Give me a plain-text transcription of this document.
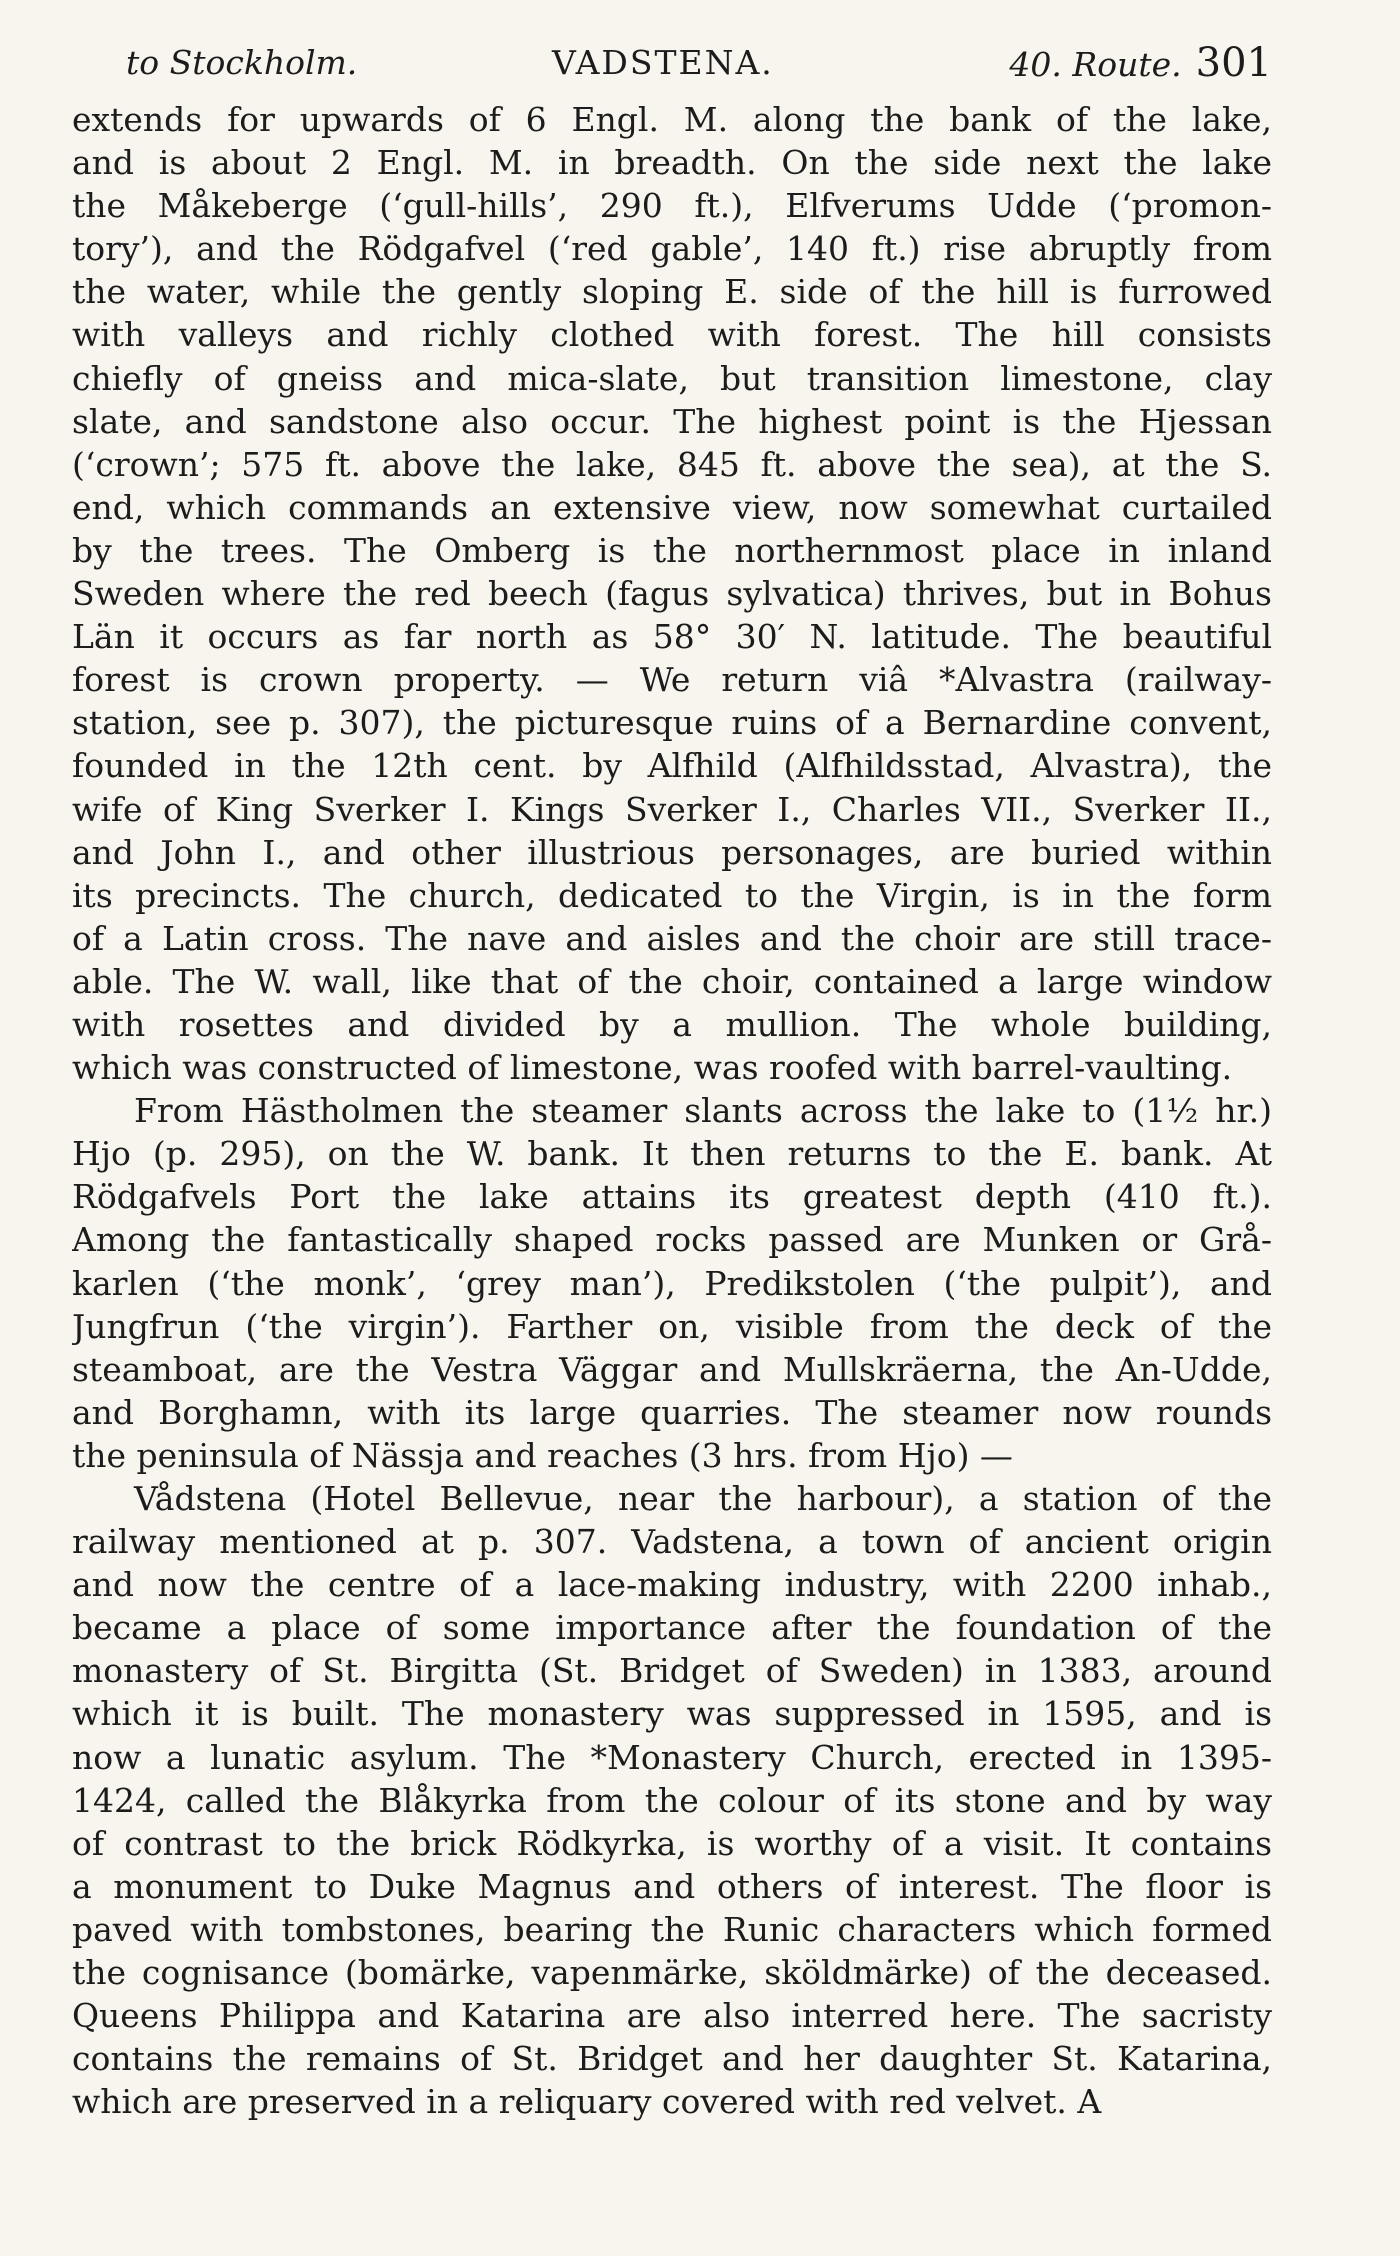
to Stockholm.	VADSTENA.	40. Route. 301
extends for upwards of 6 Engl. M. along the bank of the lake,
and is about 2 Engl. M. in breadth. On the side next the lake
the Måkeberge (‘gull-hills’, 290 ft.), Elfverums Udde (‘promon-
tory’), and the Rödgafvel (‘red gable’, 140 ft.) rise abruptly from
the water, while the gently sloping E. side of the hill is furrowed
with valleys and richly clothed with forest. The hill consists
chiefly of gneiss and mica-slate, but transition limestone, clay
slate, and sandstone also occur. The highest point is the Hjessan
(‘crown’; 575 ft. above the lake, 845 ft. above the sea), at the S.
end, which commands an extensive view, now somewhat curtailed
by the trees. The Omberg is the northernmost place in inland
Sweden where the red beech (fagus sylvatica) thrives, but in Bohus
Län it occurs as far north as 58° 30′ N. latitude. The beautiful
forest is crown property. — We return viâ *Alvastra (railway-
station, see p. 307), the picturesque ruins of a Bernardine convent,
founded in the 12th cent. by Alfhild (Alfhildsstad, Alvastra), the
wife of King Sverker I. Kings Sverker I., Charles VII., Sverker II.,
and John I., and other illustrious personages, are buried within
its precincts. The church, dedicated to the Virgin, is in the form
of a Latin cross. The nave and aisles and the choir are still trace-
able. The W. wall, like that of the choir, contained a large window
with rosettes and divided by a mullion. The whole building,
which was constructed of limestone, was roofed with barrel-vaulting.
From Hästholmen the steamer slants across the lake to (1½ hr.)
Hjo (p. 295), on the W. bank. It then returns to the E. bank. At
Rödgafvels Port the lake attains its greatest depth (410 ft.).
Among the fantastically shaped rocks passed are Munken or Grå-
karlen (‘the monk’, ‘grey man’), Predikstolen (‘the pulpit’), and
Jungfrun (‘the virgin’). Farther on, visible from the deck of the
steamboat, are the Vestra Väggar and Mullskräerna, the An-Udde,
and Borghamn, with its large quarries. The steamer now rounds
the peninsula of Nässja and reaches (3 hrs. from Hjo) —
Vådstena (Hotel Bellevue, near the harbour), a station of the
railway mentioned at p. 307. Vadstena, a town of ancient origin
and now the centre of a lace-making industry, with 2200 inhab.,
became a place of some importance after the foundation of the
monastery of St. Birgitta (St. Bridget of Sweden) in 1383, around
which it is built. The monastery was suppressed in 1595, and is
now a lunatic asylum. The *Monastery Church, erected in 1395-
1424, called the Blåkyrka from the colour of its stone and by way
of contrast to the brick Rödkyrka, is worthy of a visit. It contains
a monument to Duke Magnus and others of interest. The floor is
paved with tombstones, bearing the Runic characters which formed
the cognisance (bomärke, vapenmärke, sköldmärke) of the deceased.
Queens Philippa and Katarina are also interred here. The sacristy
contains the remains of St. Bridget and her daughter St. Katarina,
which are preserved in a reliquary covered with red velvet. A
